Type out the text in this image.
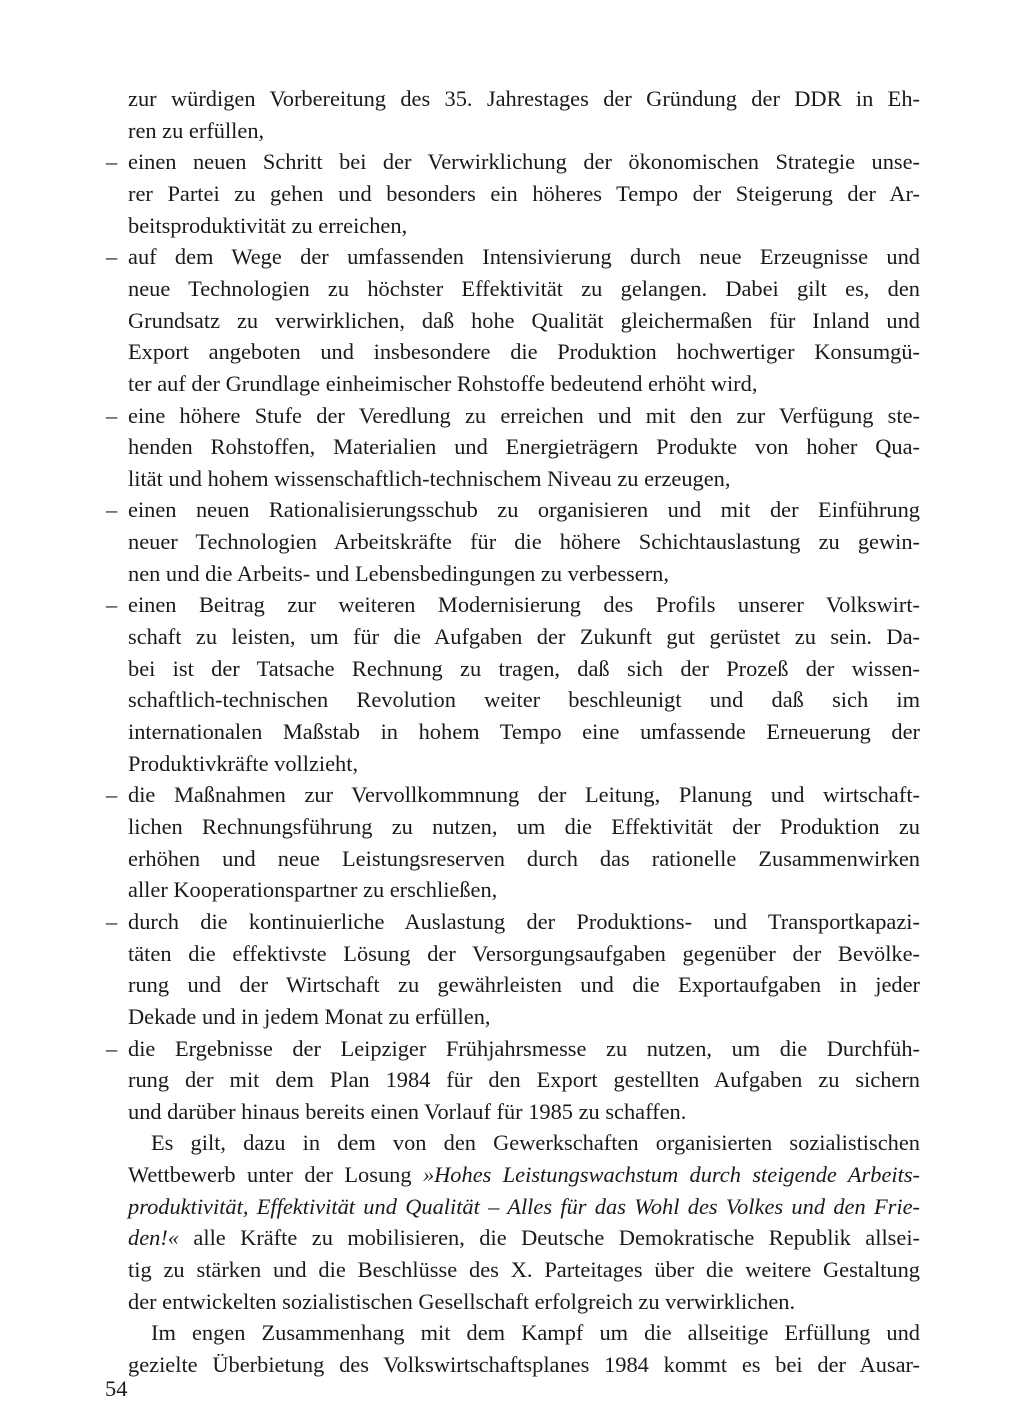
zur würdigen Vorbereitung des 35. Jahrestages der Gründung der DDR in Eh-
ren zu erfüllen,
– einen neuen Schritt bei der Verwirklichung der ökonomischen Strategie unse-
rer Partei zu gehen und besonders ein höheres Tempo der Steigerung der Ar-
beitsproduktivität zu erreichen,
– auf dem Wege der umfassenden Intensivierung durch neue Erzeugnisse und
neue Technologien zu höchster Effektivität zu gelangen. Dabei gilt es, den
Grundsatz zu verwirklichen, daß hohe Qualität gleichermaßen für Inland und
Export angeboten und insbesondere die Produktion hochwertiger Konsumgü-
ter auf der Grundlage einheimischer Rohstoffe bedeutend erhöht wird,
– eine höhere Stufe der Veredlung zu erreichen und mit den zur Verfügung ste-
henden Rohstoffen, Materialien und Energieträgern Produkte von hoher Qua-
lität und hohem wissenschaftlich-technischem Niveau zu erzeugen,
– einen neuen Rationalisierungsschub zu organisieren und mit der Einführung
neuer Technologien Arbeitskräfte für die höhere Schichtauslastung zu gewin-
nen und die Arbeits- und Lebensbedingungen zu verbessern,
– einen Beitrag zur weiteren Modernisierung des Profils unserer Volkswirt-
schaft zu leisten, um für die Aufgaben der Zukunft gut gerüstet zu sein. Da-
bei ist der Tatsache Rechnung zu tragen, daß sich der Prozeß der wissen-
schaftlich-technischen Revolution weiter beschleunigt und daß sich im
internationalen Maßstab in hohem Tempo eine umfassende Erneuerung der
Produktivkräfte vollzieht,
– die Maßnahmen zur Vervollkommnung der Leitung, Planung und wirtschaft-
lichen Rechnungsführung zu nutzen, um die Effektivität der Produktion zu
erhöhen und neue Leistungsreserven durch das rationelle Zusammenwirken
aller Kooperationspartner zu erschließen,
– durch die kontinuierliche Auslastung der Produktions- und Transportkapazi-
täten die effektivste Lösung der Versorgungsaufgaben gegenüber der Bevölke-
rung und der Wirtschaft zu gewährleisten und die Exportaufgaben in jeder
Dekade und in jedem Monat zu erfüllen,
– die Ergebnisse der Leipziger Frühjahrsmesse zu nutzen, um die Durchfüh-
rung der mit dem Plan 1984 für den Export gestellten Aufgaben zu sichern
und darüber hinaus bereits einen Vorlauf für 1985 zu schaffen.
Es gilt, dazu in dem von den Gewerkschaften organisierten sozialistischen
Wettbewerb unter der Losung »Hohes Leistungswachstum durch steigende Arbeits-
produktivität, Effektivität und Qualität – Alles für das Wohl des Volkes und den Frie-
den!« alle Kräfte zu mobilisieren, die Deutsche Demokratische Republik allsei-
tig zu stärken und die Beschlüsse des X. Parteitages über die weitere Gestaltung
der entwickelten sozialistischen Gesellschaft erfolgreich zu verwirklichen.
Im engen Zusammenhang mit dem Kampf um die allseitige Erfüllung und
gezielte Überbietung des Volkswirtschaftsplanes 1984 kommt es bei der Ausar-
54
